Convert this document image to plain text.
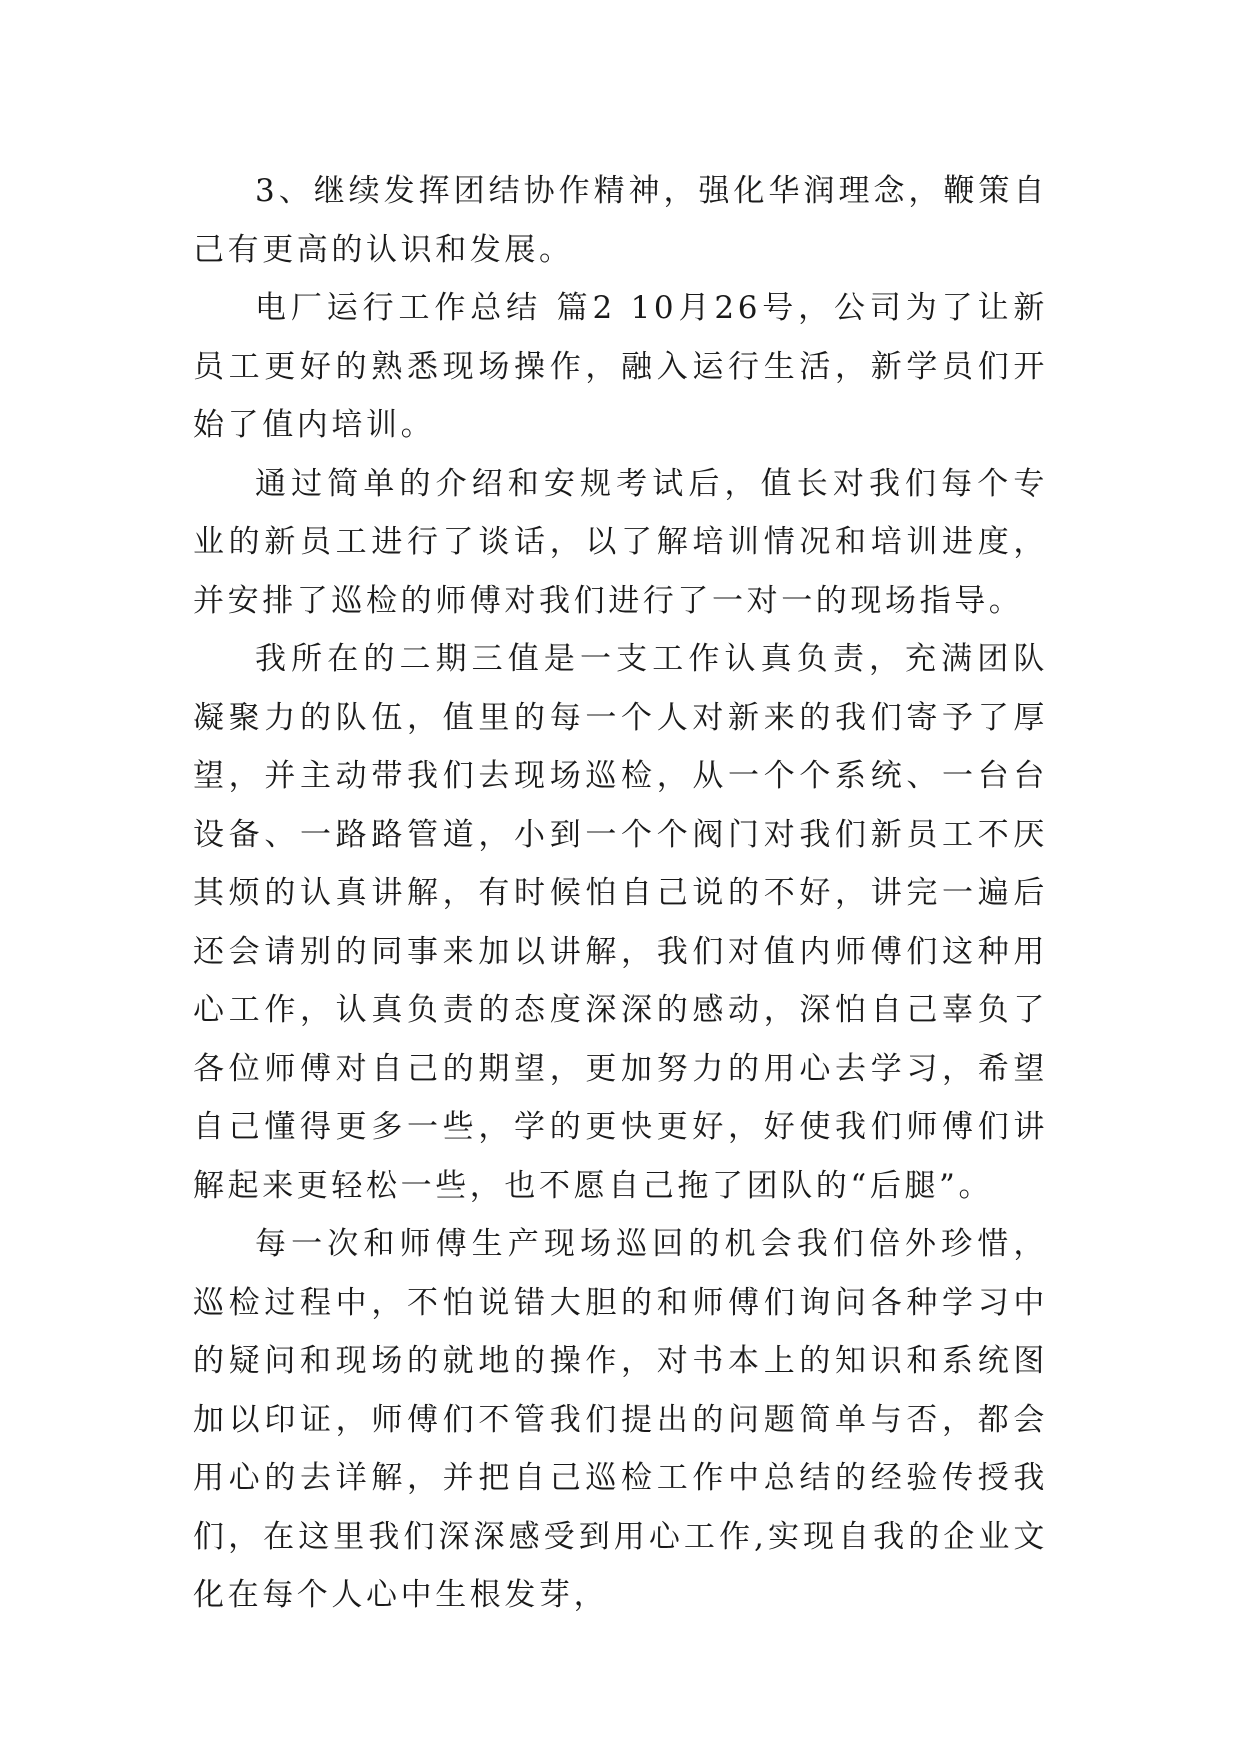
3、继续发挥团结协作精神，强化华润理念，鞭策自己有更高的认识和发展。

电厂运行工作总结 篇2 10月26号，公司为了让新员工更好的熟悉现场操作，融入运行生活，新学员们开始了值内培训。

通过简单的介绍和安规考试后，值长对我们每个专业的新员工进行了谈话，以了解培训情况和培训进度，并安排了巡检的师傅对我们进行了一对一的现场指导。

我所在的二期三值是一支工作认真负责，充满团队凝聚力的队伍，值里的每一个人对新来的我们寄予了厚望，并主动带我们去现场巡检，从一个个系统、一台台设备、一路路管道，小到一个个阀门对我们新员工不厌其烦的认真讲解，有时候怕自己说的不好，讲完一遍后还会请别的同事来加以讲解，我们对值内师傅们这种用心工作，认真负责的态度深深的感动，深怕自己辜负了各位师傅对自己的期望，更加努力的用心去学习，希望自己懂得更多一些，学的更快更好，好使我们师傅们讲解起来更轻松一些，也不愿自己拖了团队的“后腿”。

每一次和师傅生产现场巡回的机会我们倍外珍惜，巡检过程中，不怕说错大胆的和师傅们询问各种学习中的疑问和现场的就地的操作，对书本上的知识和系统图加以印证，师傅们不管我们提出的问题简单与否，都会用心的去详解，并把自己巡检工作中总结的经验传授我们，在这里我们深深感受到用心工作,实现自我的企业文化在每个人心中生根发芽，
